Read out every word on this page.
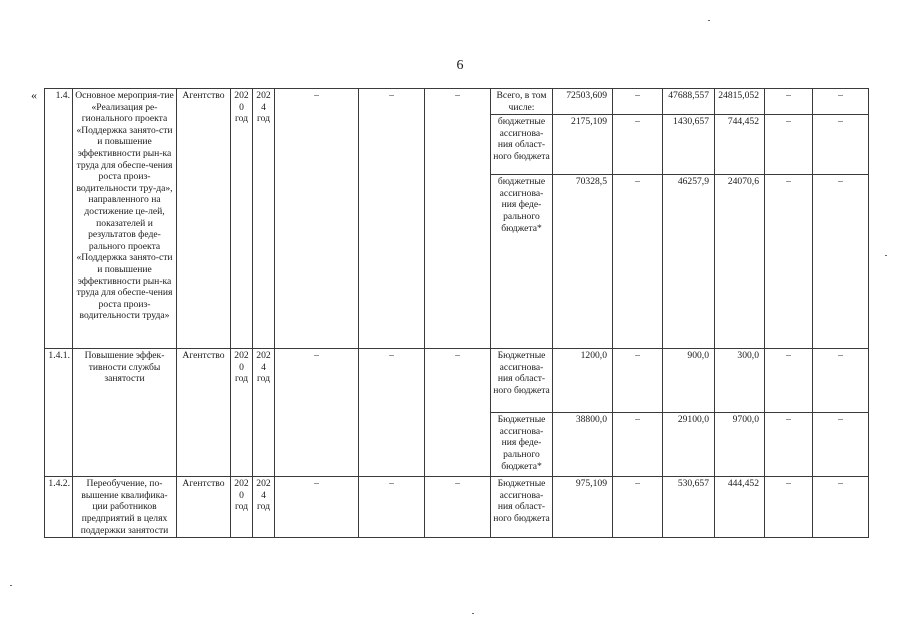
6
« 1.4.	Основное мероприя-тие «Реализация ре-гионального проекта «Поддержка занято-сти и повышение эффективности рын-ка труда для обеспе-чения роста произ-водительности тру-да», направленного на достижение це-лей, показателей и результатов феде-рального проекта «Поддержка занято-сти и повышение эффективности рын-ка труда для обеспе-чения роста произ-водительности труда»	Агентство	2020 год	2024 год	–	–	–	Всего, в том числе:	72503,609	–	47688,557	24815,052	–	–
								бюджетные ассигнова-ния област-ного бюджета	2175,109	–	1430,657	744,452	–	–
								бюджетные ассигнова-ния феде-рального бюджета*	70328,5	–	46257,9	24070,6	–	–
1.4.1.	Повышение эффек-тивности службы занятости	Агентство	2020 год	2024 год	–	–	–	Бюджетные ассигнова-ния област-ного бюджета	1200,0	–	900,0	300,0	–	–
								Бюджетные ассигнова-ния феде-рального бюджета*	38800,0	–	29100,0	9700,0	–	–
1.4.2.	Переобучение, по-вышение квалифика-ции работников предприятий в целях поддержки занятости	Агентство	2020 год	2024 год	–	–	–	Бюджетные ассигнова-ния област-ного бюджета	975,109	–	530,657	444,452	–	–
